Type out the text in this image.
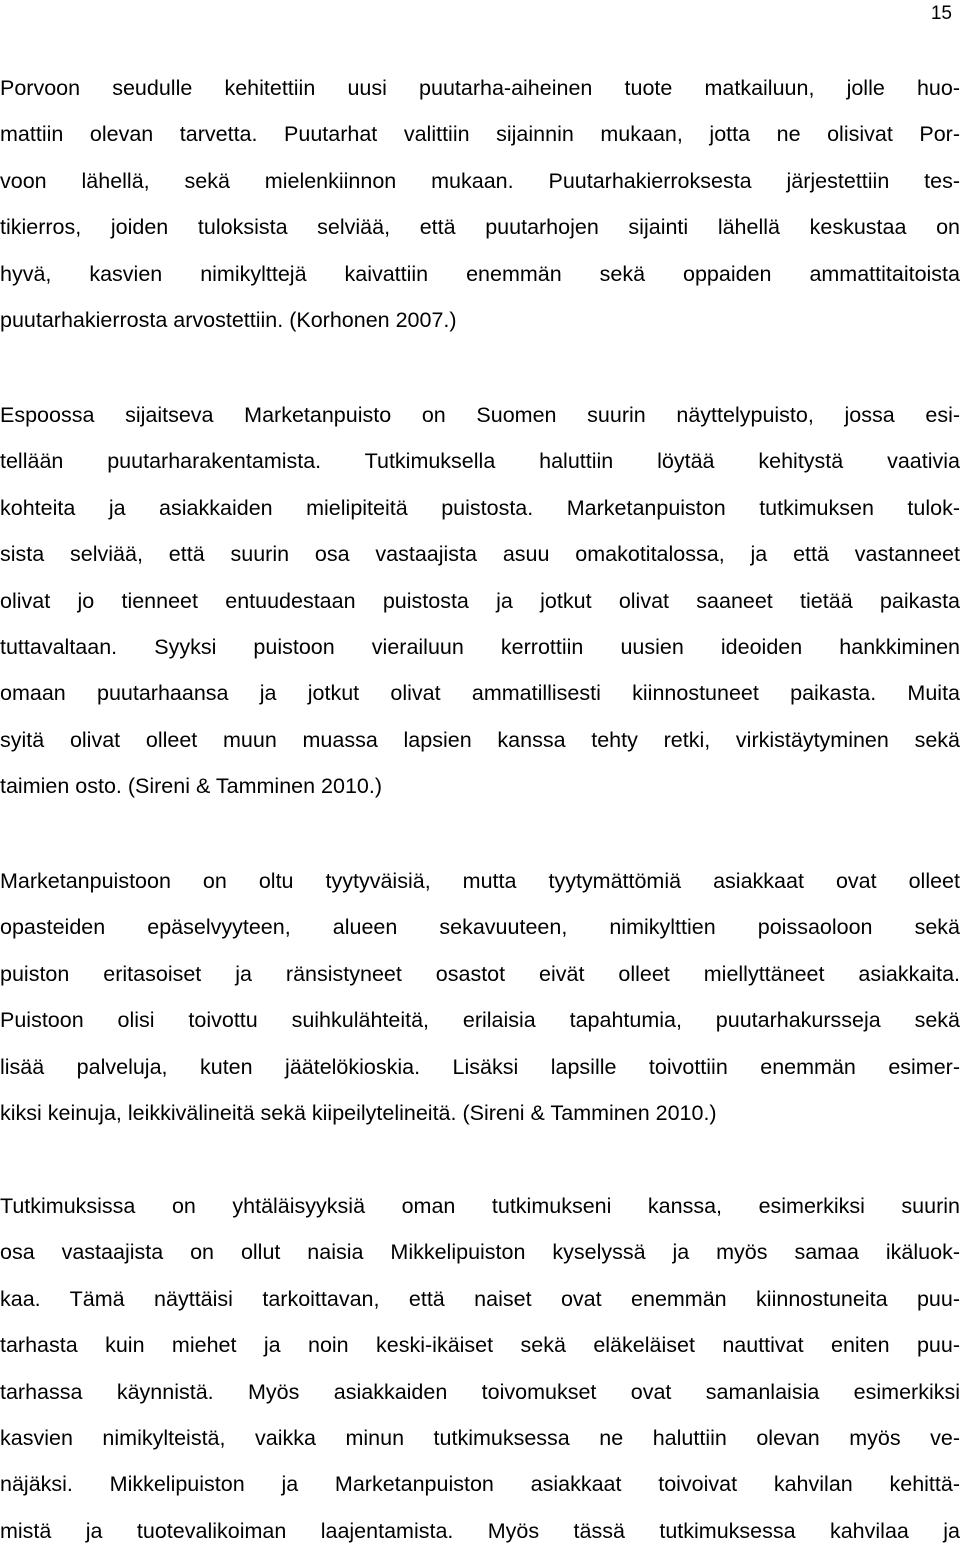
15

Porvoon seudulle kehitettiin uusi puutarha-aiheinen tuote matkailuun, jolle huo-
mattiin olevan tarvetta. Puutarhat valittiin sijainnin mukaan, jotta ne olisivat Por-
voon lähellä, sekä mielenkiinnon mukaan. Puutarhakierroksesta järjestettiin tes-
tikierros, joiden tuloksista selviää, että puutarhojen sijainti lähellä keskustaa on
hyvä, kasvien nimikylttejä kaivattiin enemmän sekä oppaiden ammattitaitoista
puutarhakierrosta arvostettiin. (Korhonen 2007.)

Espoossa sijaitseva Marketanpuisto on Suomen suurin näyttelypuisto, jossa esi-
tellään puutarharakentamista. Tutkimuksella haluttiin löytää kehitystä vaativia
kohteita ja asiakkaiden mielipiteitä puistosta. Marketanpuiston tutkimuksen tulok-
sista selviää, että suurin osa vastaajista asuu omakotitalossa, ja että vastanneet
olivat jo tienneet entuudestaan puistosta ja jotkut olivat saaneet tietää paikasta
tuttavaltaan. Syyksi puistoon vierailuun kerrottiin uusien ideoiden hankkiminen
omaan puutarhaansa ja jotkut olivat ammatillisesti kiinnostuneet paikasta. Muita
syitä olivat olleet muun muassa lapsien kanssa tehty retki, virkistäytyminen sekä
taimien osto. (Sireni & Tamminen 2010.)

Marketanpuistoon on oltu tyytyväisiä, mutta tyytymättömiä asiakkaat ovat olleet
opasteiden epäselvyyteen, alueen sekavuuteen, nimikylttien poissaoloon sekä
puiston eritasoiset ja ränsistyneet osastot eivät olleet miellyttäneet asiakkaita.
Puistoon olisi toivottu suihkulähteitä, erilaisia tapahtumia, puutarhakursseja sekä
lisää palveluja, kuten jäätelökioskia. Lisäksi lapsille toivottiin enemmän esimer-
kiksi keinuja, leikkivälineitä sekä kiipeilytelineitä. (Sireni & Tamminen 2010.)

Tutkimuksissa on yhtäläisyyksiä oman tutkimukseni kanssa, esimerkiksi suurin
osa vastaajista on ollut naisia Mikkelipuiston kyselyssä ja myös samaa ikäluok-
kaa. Tämä näyttäisi tarkoittavan, että naiset ovat enemmän kiinnostuneita puu-
tarhasta kuin miehet ja noin keski-ikäiset sekä eläkeläiset nauttivat eniten puu-
tarhassa käynnistä. Myös asiakkaiden toivomukset ovat samanlaisia esimerkiksi
kasvien nimikylteistä, vaikka minun tutkimuksessa ne haluttiin olevan myös ve-
näjäksi. Mikkelipuiston ja Marketanpuiston asiakkaat toivoivat kahvilan kehittä-
mistä ja tuotevalikoiman laajentamista. Myös tässä tutkimuksessa kahvilaa ja
